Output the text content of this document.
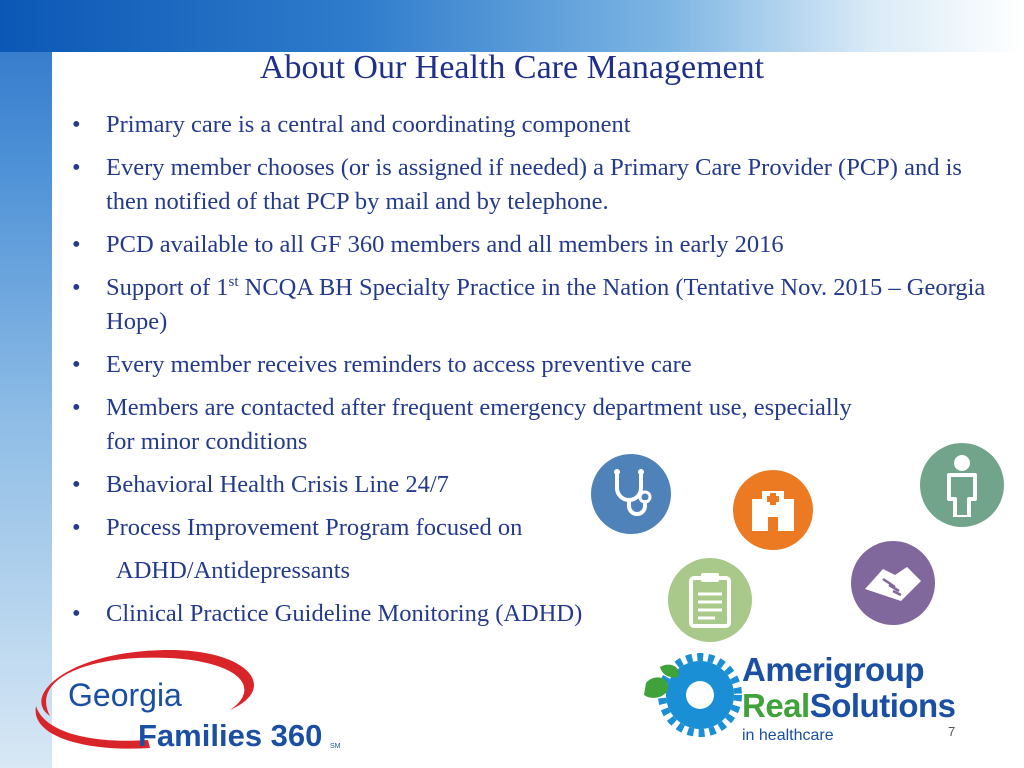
About Our Health Care Management
• Primary care is a central and coordinating component
• Every member chooses (or is assigned if needed) a Primary Care Provider (PCP) and is then notified of that PCP by mail and by telephone.
• PCD available to all GF 360 members and all members in early 2016
• Support of 1st NCQA BH Specialty Practice in the Nation (Tentative Nov. 2015 – Georgia Hope)
• Every member receives reminders to access preventive care
• Members are contacted after frequent emergency department use, especially for minor conditions
• Behavioral Health Crisis Line 24/7
• Process Improvement Program focused on
ADHD/Antidepressants
• Clinical Practice Guideline Monitoring (ADHD)
Georgia
Families 360 SM
Amerigroup
RealSolutions
in healthcare	7
